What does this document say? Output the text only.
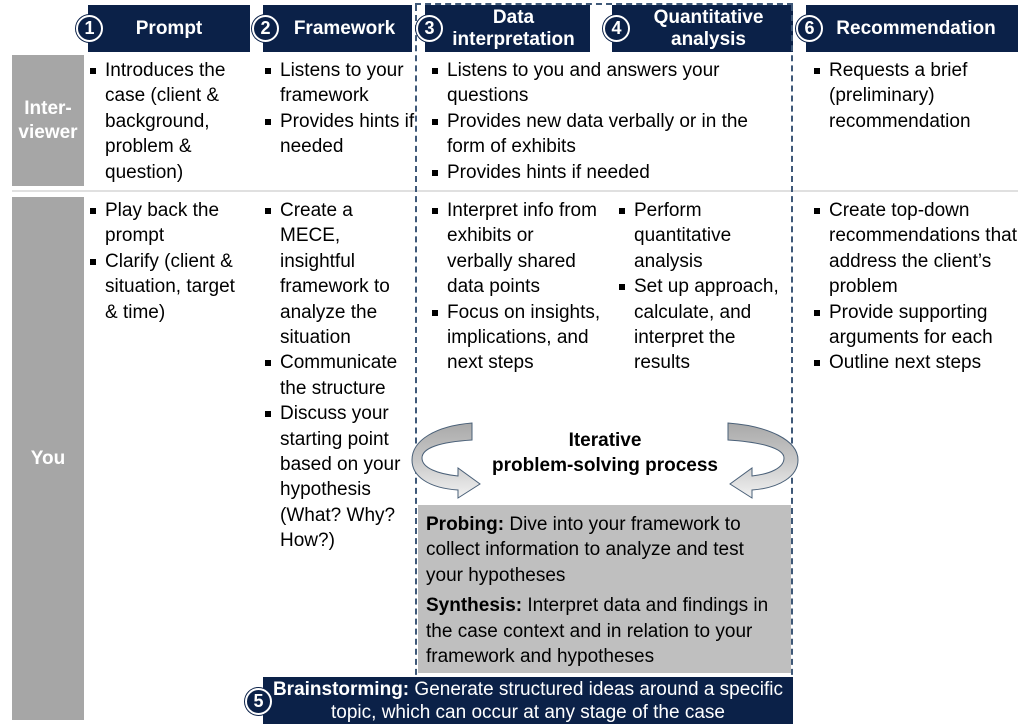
Prompt
1	Framework
2
Data
interpretation
3
Quantitative
analysis
4	Recommendation
6
Inter-
viewer
You
Introduces the case (client & background, problem & question)
Listens to your framework
Provides hints if needed
Listens to you and answers your questions
Provides new data verbally or in the form of exhibits
Provides hints if needed
Requests a brief (preliminary) recommendation
Play back the prompt
Clarify (client & situation, target & time)
Create a MECE, insightful framework to analyze the situation
Communicate the structure
Discuss your starting point based on your hypothesis (What? Why? How?)
Interpret info from exhibits or verbally shared data points
Focus on insights, implications, and next steps
Perform quantitative analysis
Set up approach, calculate, and interpret the results
Create top-down recommendations that address the client’s problem
Provide supporting arguments for each
Outline next steps
Iterative
problem-solving process

Probing: Dive into your framework to collect information to analyze and test your hypotheses

Synthesis: Interpret data and findings in the case context and in relation to your framework and hypotheses

Brainstorming: Generate structured ideas around a specific topic, which can occur at any stage of the case
5
